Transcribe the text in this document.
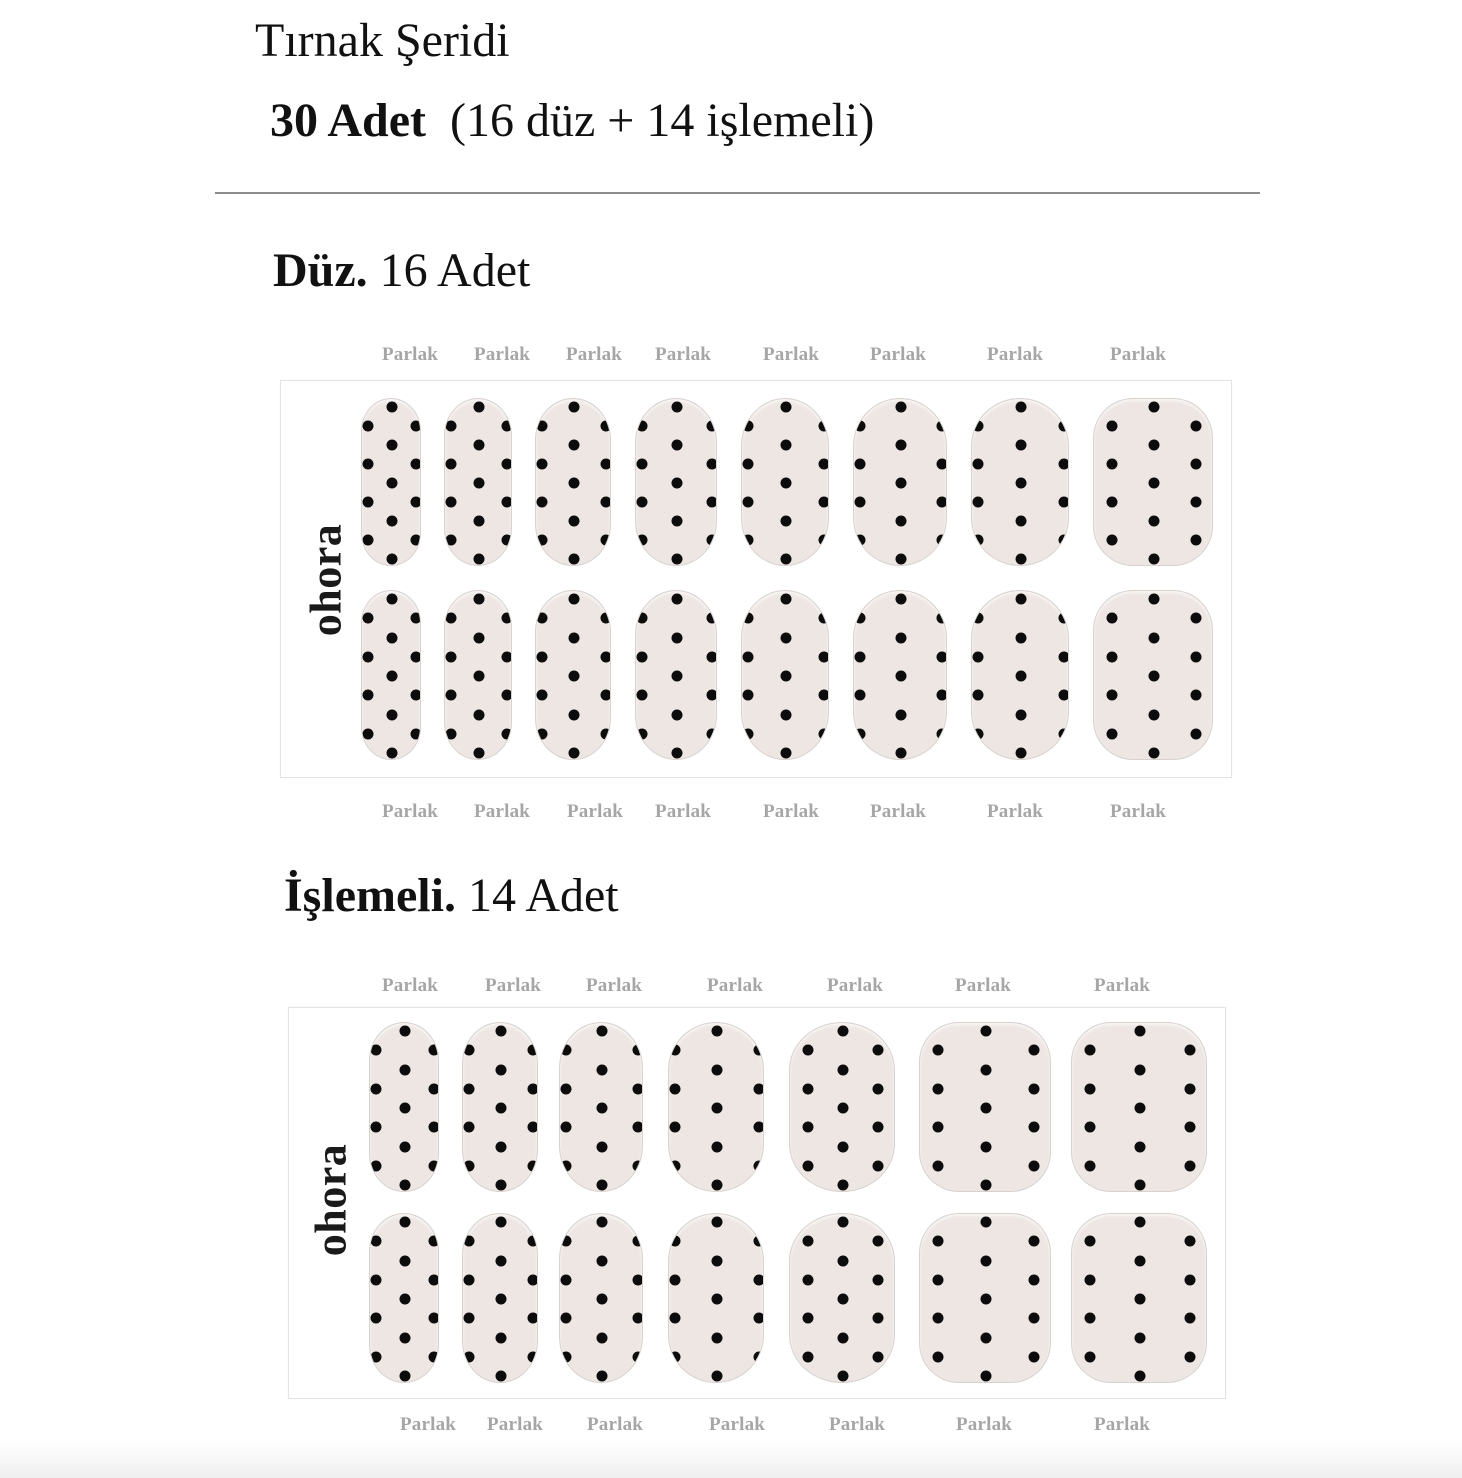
Tırnak Şeridi
30 Adet (16 düz + 14 işlemeli)
Düz. 16 Adet
Parlak Parlak Parlak Parlak	Parlak	Parlak	Parlak	Parlak
ohora
Parlak Parlak Parlak Parlak	Parlak	Parlak	Parlak	Parlak
İşlemeli. 14 Adet
Parlak Parlak Parlak	Parlak	Parlak	Parlak	Parlak
ohora
Parlak Parlak Parlak	Parlak	Parlak	Parlak	Parlak
